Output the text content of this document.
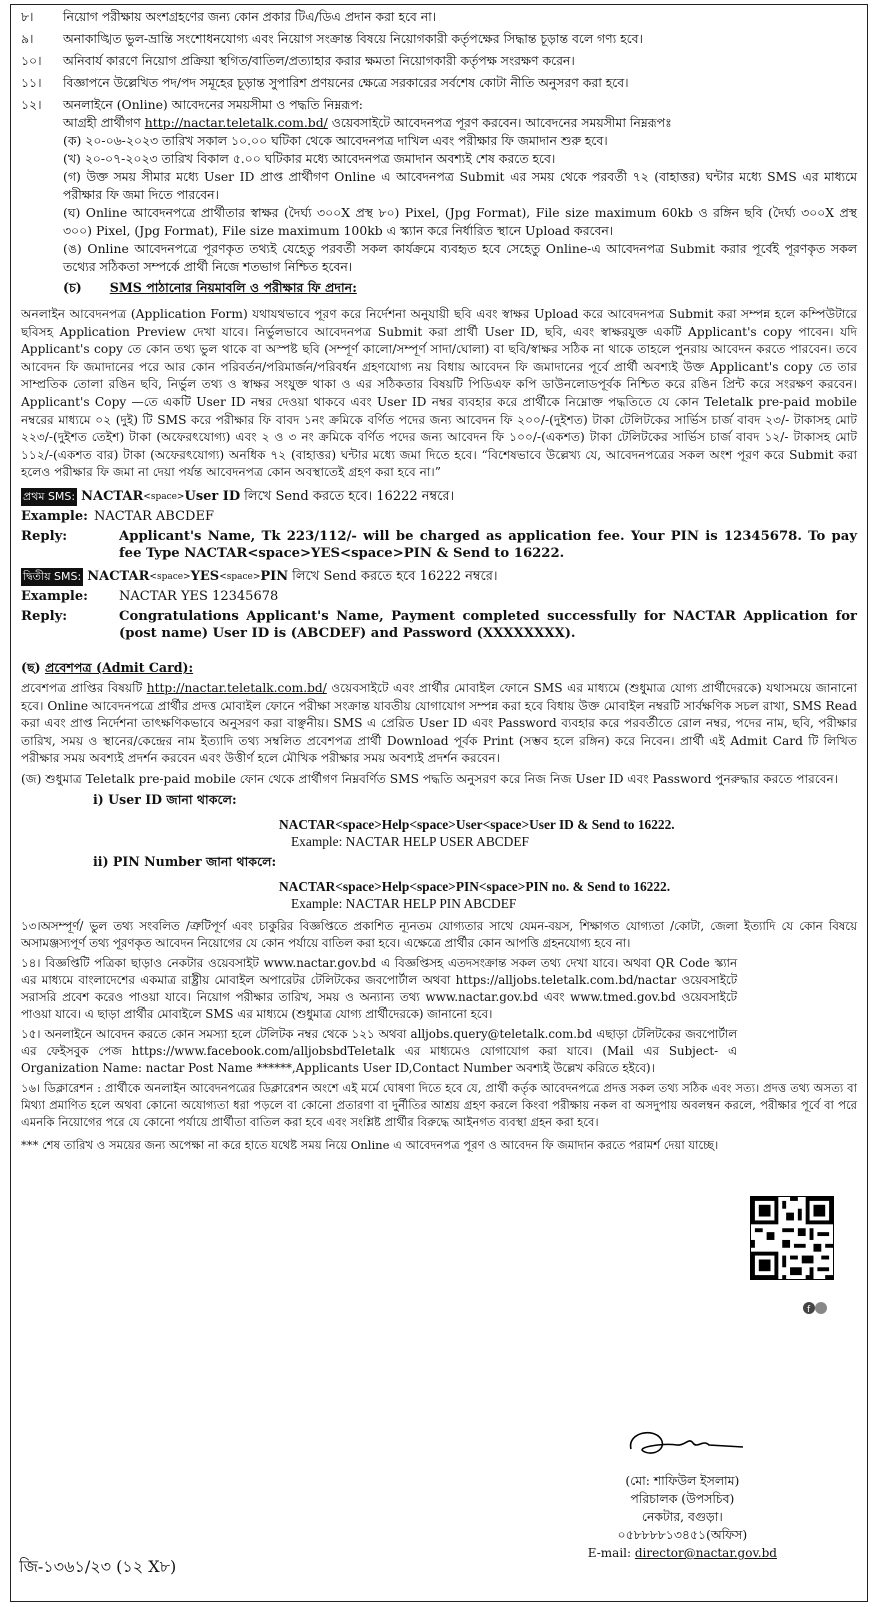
৮।	নিয়োগ পরীক্ষায় অংশগ্রহণের জন্য কোন প্রকার টিএ/ডিএ প্রদান করা হবে না।
৯।	অনাকাঙ্খিত ভুল-ভ্রান্তি সংশোধনযোগ্য এবং নিয়োগ সংক্রান্ত বিষয়ে নিয়োগকারী কর্তৃপক্ষের সিদ্ধান্ত চূড়ান্ত বলে গণ্য হবে।
১০।	অনিবার্য কারণে নিয়োগ প্রক্রিয়া স্থগিত/বাতিল/প্রত্যাহার করার ক্ষমতা নিয়োগকারী কর্তৃপক্ষ সংরক্ষণ করেন।
১১।	বিজ্ঞাপনে উল্লেখিত পদ/পদ সমূহের চূড়ান্ত সুপারিশ প্রণয়নের ক্ষেত্রে সরকারের সর্বশেষ কোটা নীতি অনুসরণ করা হবে।
১২।	অনলাইনে (Online) আবেদনের সময়সীমা ও পদ্ধতি নিম্নরূপ:
আগ্রহী প্রার্থীগণ http://nactar.teletalk.com.bd/ ওয়েবসাইটে আবেদনপত্র পূরণ করবেন। আবেদনের সময়সীমা নিম্নরূপঃ
(ক) ২০-০৬-২০২৩ তারিখ সকাল ১০.০০ ঘটিকা থেকে আবেদনপত্র দাখিল এবং পরীক্ষার ফি জমাদান শুরু হবে।
(খ) ২০-০৭-২০২৩ তারিখ বিকাল ৫.০০ ঘটিকার মধ্যে আবেদনপত্র জমাদান অবশ্যই শেষ করতে হবে।
(গ) উক্ত সময় সীমার মধ্যে User ID প্রাপ্ত প্রার্থীগণ Online এ আবেদনপত্র Submit এর সময় থেকে পরবর্তী ৭২ (বাহাত্তর) ঘন্টার মধ্যে SMS এর মাধ্যমে পরীক্ষার ফি জমা দিতে পারবেন।
(ঘ) Online আবেদনপত্রে প্রার্থীতার স্বাক্ষর (দৈর্ঘ্য ৩০০X প্রস্থ ৮০) Pixel, (Jpg Format), File size maximum 60kb ও রঙ্গিন ছবি (দৈর্ঘ্য ৩০০X প্রস্থ ৩০০) Pixel, (Jpg Format), File size maximum 100kb এ স্ক্যান করে নির্ধারিত স্থানে Upload করবেন।
(ঙ) Online আবেদনপত্রে পূরণকৃত তথ্যই যেহেতু পরবর্তী সকল কার্যক্রমে ব্যবহৃত হবে সেহেতু Online-এ আবেদনপত্র Submit করার পূর্বেই পূরণকৃত সকল তথ্যের সঠিকতা সম্পর্কে প্রার্থী নিজে শতভাগ নিশ্চিত হবেন।
(চ) SMS পাঠানোর নিয়মাবলি ও পরীক্ষার ফি প্রদান:
অনলাইন আবেদনপত্র (Application Form) যথাযথভাবে পূরণ করে নির্দেশনা অনুযায়ী ছবি এবং স্বাক্ষর Upload করে আবেদনপত্র Submit করা সম্পন্ন হলে কম্পিউটারে ছবিসহ Application Preview দেখা যাবে। নির্ভুলভাবে আবেদনপত্র Submit করা প্রার্থী User ID, ছবি, এবং স্বাক্ষরযুক্ত একটি Applicant's copy পাবেন। যদি Applicant's copy তে কোন তথ্য ভুল থাকে বা অস্পষ্ট ছবি (সম্পূর্ণ কালো/সম্পূর্ণ সাদা/ঘোলা) বা ছবি/স্বাক্ষর সঠিক না থাকে তাহলে পুনরায় আবেদন করতে পারবেন। তবে আবেদন ফি জমাদানের পরে আর কোন পরিবর্তন/পরিমার্জন/পরিবর্ধন গ্রহণযোগ্য নয় বিধায় আবেদন ফি জমাদানের পূর্বে প্রার্থী অবশ্যই উক্ত Applicant's copy তে তার সাম্প্রতিক তোলা রঙিন ছবি, নির্ভুল তথ্য ও স্বাক্ষর সংযুক্ত থাকা ও এর সঠিকতার বিষয়টি পিডিএফ কপি ডাউনলোডপূর্বক নিশ্চিত করে রঙিন প্রিন্ট করে সংরক্ষণ করবেন। Applicant's Copy —তে একটি User ID নম্বর দেওয়া থাকবে এবং User ID নম্বর ব্যবহার করে প্রার্থীকে নিম্নোক্ত পদ্ধতিতে যে কোন Teletalk pre-paid mobile নম্বরের মাধ্যমে ০২ (দুই) টি SMS করে পরীক্ষার ফি বাবদ ১নং ক্রমিকে বর্ণিত পদের জন্য আবেদন ফি ২০০/-(দুইশত) টাকা টেলিটকের সার্ভিস চার্জ বাবদ ২৩/- টাকাসহ মোট ২২৩/-(দুইশত তেইশ) টাকা (অফেরৎযোগ্য) এবং ২ ও ৩ নং ক্রমিকে বর্ণিত পদের জন্য আবেদন ফি ১০০/-(একশত) টাকা টেলিটকের সার্ভিস চার্জ বাবদ ১২/- টাকাসহ মোট ১১২/-(একশত বার) টাকা (অফেরৎযোগ্য) অনধিক ৭২ (বাহাত্তর) ঘন্টার মধ্যে জমা দিতে হবে। “বিশেষভাবে উল্লেখ্য যে, আবেদনপত্রের সকল অংশ পূরণ করে Submit করা হলেও পরীক্ষার ফি জমা না দেয়া পর্যন্ত আবেদনপত্র কোন অবস্থাতেই গ্রহণ করা হবে না।”
প্রথম SMS: NACTAR <space> User ID লিখে Send করতে হবে। 16222 নম্বরে।
Example: NACTAR ABCDEF
Reply:	Applicant's Name, Tk 223/112/- will be charged as application fee. Your PIN is 12345678. To pay fee Type NACTAR<space>YES<space>PIN & Send to 16222.
দ্বিতীয় SMS: NACTAR <space> YES <space> PIN লিখে Send করতে হবে 16222 নম্বরে।
Example:	NACTAR YES 12345678
Reply:	Congratulations Applicant's Name, Payment completed successfully for NACTAR Application for (post name) User ID is (ABCDEF) and Password (XXXXXXXX).
(ছ) প্রবেশপত্র (Admit Card):
প্রবেশপত্র প্রাপ্তির বিষয়টি http://nactar.teletalk.com.bd/ ওয়েবসাইটে এবং প্রার্থীর মোবাইল ফোনে SMS এর মাধ্যমে (শুধুমাত্র যোগ্য প্রার্থীদেরকে) যথাসময়ে জানানো হবে। Online আবেদনপত্রে প্রার্থীর প্রদত্ত মোবাইল ফোনে পরীক্ষা সংক্রান্ত যাবতীয় যোগাযোগ সম্পন্ন করা হবে বিধায় উক্ত মোবাইল নম্বরটি সার্বক্ষণিক সচল রাখা, SMS Read করা এবং প্রাপ্ত নির্দেশনা তাৎক্ষণিকভাবে অনুসরণ করা বাঞ্ছনীয়। SMS এ প্রেরিত User ID এবং Password ব্যবহার করে পরবর্তীতে রোল নম্বর, পদের নাম, ছবি, পরীক্ষার তারিখ, সময় ও স্থানের/কেন্দ্রের নাম ইত্যাদি তথ্য সম্বলিত প্রবেশপত্র প্রার্থী Download পূর্বক Print (সম্ভব হলে রঙ্গিন) করে নিবেন। প্রার্থী এই Admit Card টি লিখিত পরীক্ষার সময় অবশ্যই প্রদর্শন করবেন এবং উত্তীর্ণ হলে মৌখিক পরীক্ষার সময় অবশ্যই প্রদর্শন করবেন।
(জ) শুধুমাত্র Teletalk pre-paid mobile ফোন থেকে প্রার্থীগণ নিম্নবর্ণিত SMS পদ্ধতি অনুসরণ করে নিজ নিজ User ID এবং Password পুনরুদ্ধার করতে পারবেন।
i) User ID জানা থাকলে:
NACTAR<space>Help<space>User<space>User ID & Send to 16222.
Example: NACTAR HELP USER ABCDEF
ii) PIN Number জানা থাকলে:
NACTAR<space>Help<space>PIN<space>PIN no. & Send to 16222.
Example: NACTAR HELP PIN ABCDEF
১৩।অসম্পূর্ণ/ ভুল তথ্য সংবলিত /ত্রুটিপূর্ণ এবং চাকুরির বিজ্ঞপ্তিতে প্রকাশিত ন্যূনতম যোগ্যতার সাথে যেমন-বয়স, শিক্ষাগত যোগ্যতা /কোটা, জেলা ইত্যাদি যে কোন বিষয়ে অসামঞ্জস্যপূর্ণ তথ্য পূরণকৃত আবেদন নিয়োগের যে কোন পর্যায়ে বাতিল করা হবে। এক্ষেত্রে প্রার্থীর কোন আপত্তি গ্রহনযোগ্য হবে না।
১৪। বিজ্ঞপ্তিটি পত্রিকা ছাড়াও নেকটার ওয়েবসাইট www.nactar.gov.bd এ বিজ্ঞপ্তিসহ এতদসংক্রান্ত সকল তথ্য দেখা যাবে। অথবা QR Code স্ক্যান এর মাধ্যমে বাংলাদেশের একমাত্র রাষ্ট্রীয় মোবাইল অপারেটর টেলিটকের জবপোর্টাল অথবা https://alljobs.teletalk.com.bd/nactar ওয়েবসাইটে সরাসরি প্রবেশ করেও পাওয়া যাবে। নিয়োগ পরীক্ষার তারিখ, সময় ও অন্যান্য তথ্য www.nactar.gov.bd এবং www.tmed.gov.bd ওয়েবসাইটে পাওয়া যাবে। এ ছাড়া প্রার্থীর মোবাইলে SMS এর মাধ্যমে (শুধুমাত্র যোগ্য প্রার্থীদেরকে) জানানো হবে।
১৫। অনলাইনে আবেদন করতে কোন সমস্যা হলে টেলিটক নম্বর থেকে ১২১ অথবা alljobs.query@teletalk.com.bd এছাড়া টেলিটকের জবপোর্টাল এর ফেইসবুক পেজ https://www.facebook.com/alljobsbdTeletalk এর মাধ্যমেও যোগাযোগ করা যাবে। (Mail এর Subject- এ Organization Name: nactar Post Name ******,Applicants User ID,Contact Number অবশ্যই উল্লেখ করিতে হইবে)।
১৬। ডিক্লারেশন : প্রার্থীকে অনলাইন আবেদনপত্রের ডিক্লারেশন অংশে এই মর্মে ঘোষণা দিতে হবে যে, প্রার্থী কর্তৃক আবেদনপত্রে প্রদত্ত সকল তথ্য সঠিক এবং সত্য। প্রদত্ত তথ্য অসত্য বা মিথ্যা প্রমাণিত হলে অথবা কোনো অযোগ্যতা ধরা পড়লে বা কোনো প্রতারণা বা দুর্নীতির আশ্রয় গ্রহণ করলে কিংবা পরীক্ষায় নকল বা অসদুপায় অবলম্বন করলে, পরীক্ষার পূর্বে বা পরে এমনকি নিয়োগের পরে যে কোনো পর্যায়ে প্রার্থীতা বাতিল করা হবে এবং সংশ্লিষ্ট প্রার্থীর বিরুদ্ধে আইনগত ব্যবস্থা গ্রহন করা হবে।
*** শেষ তারিখ ও সময়ের জন্য অপেক্ষা না করে হাতে যথেষ্ট সময় নিয়ে Online এ আবেদনপত্র পূরণ ও আবেদন ফি জমাদান করতে পরামর্শ দেয়া যাচ্ছে।
(মো: শাফিউল ইসলাম)
পরিচালক (উপসচিব)
নেকটার, বগুড়া।
০৫৮৮৮৮১৩৪৫১(অফিস)
E-mail: director@nactar.gov.bd
জি-১৩৬১/২৩ (১২ X৮)
f
